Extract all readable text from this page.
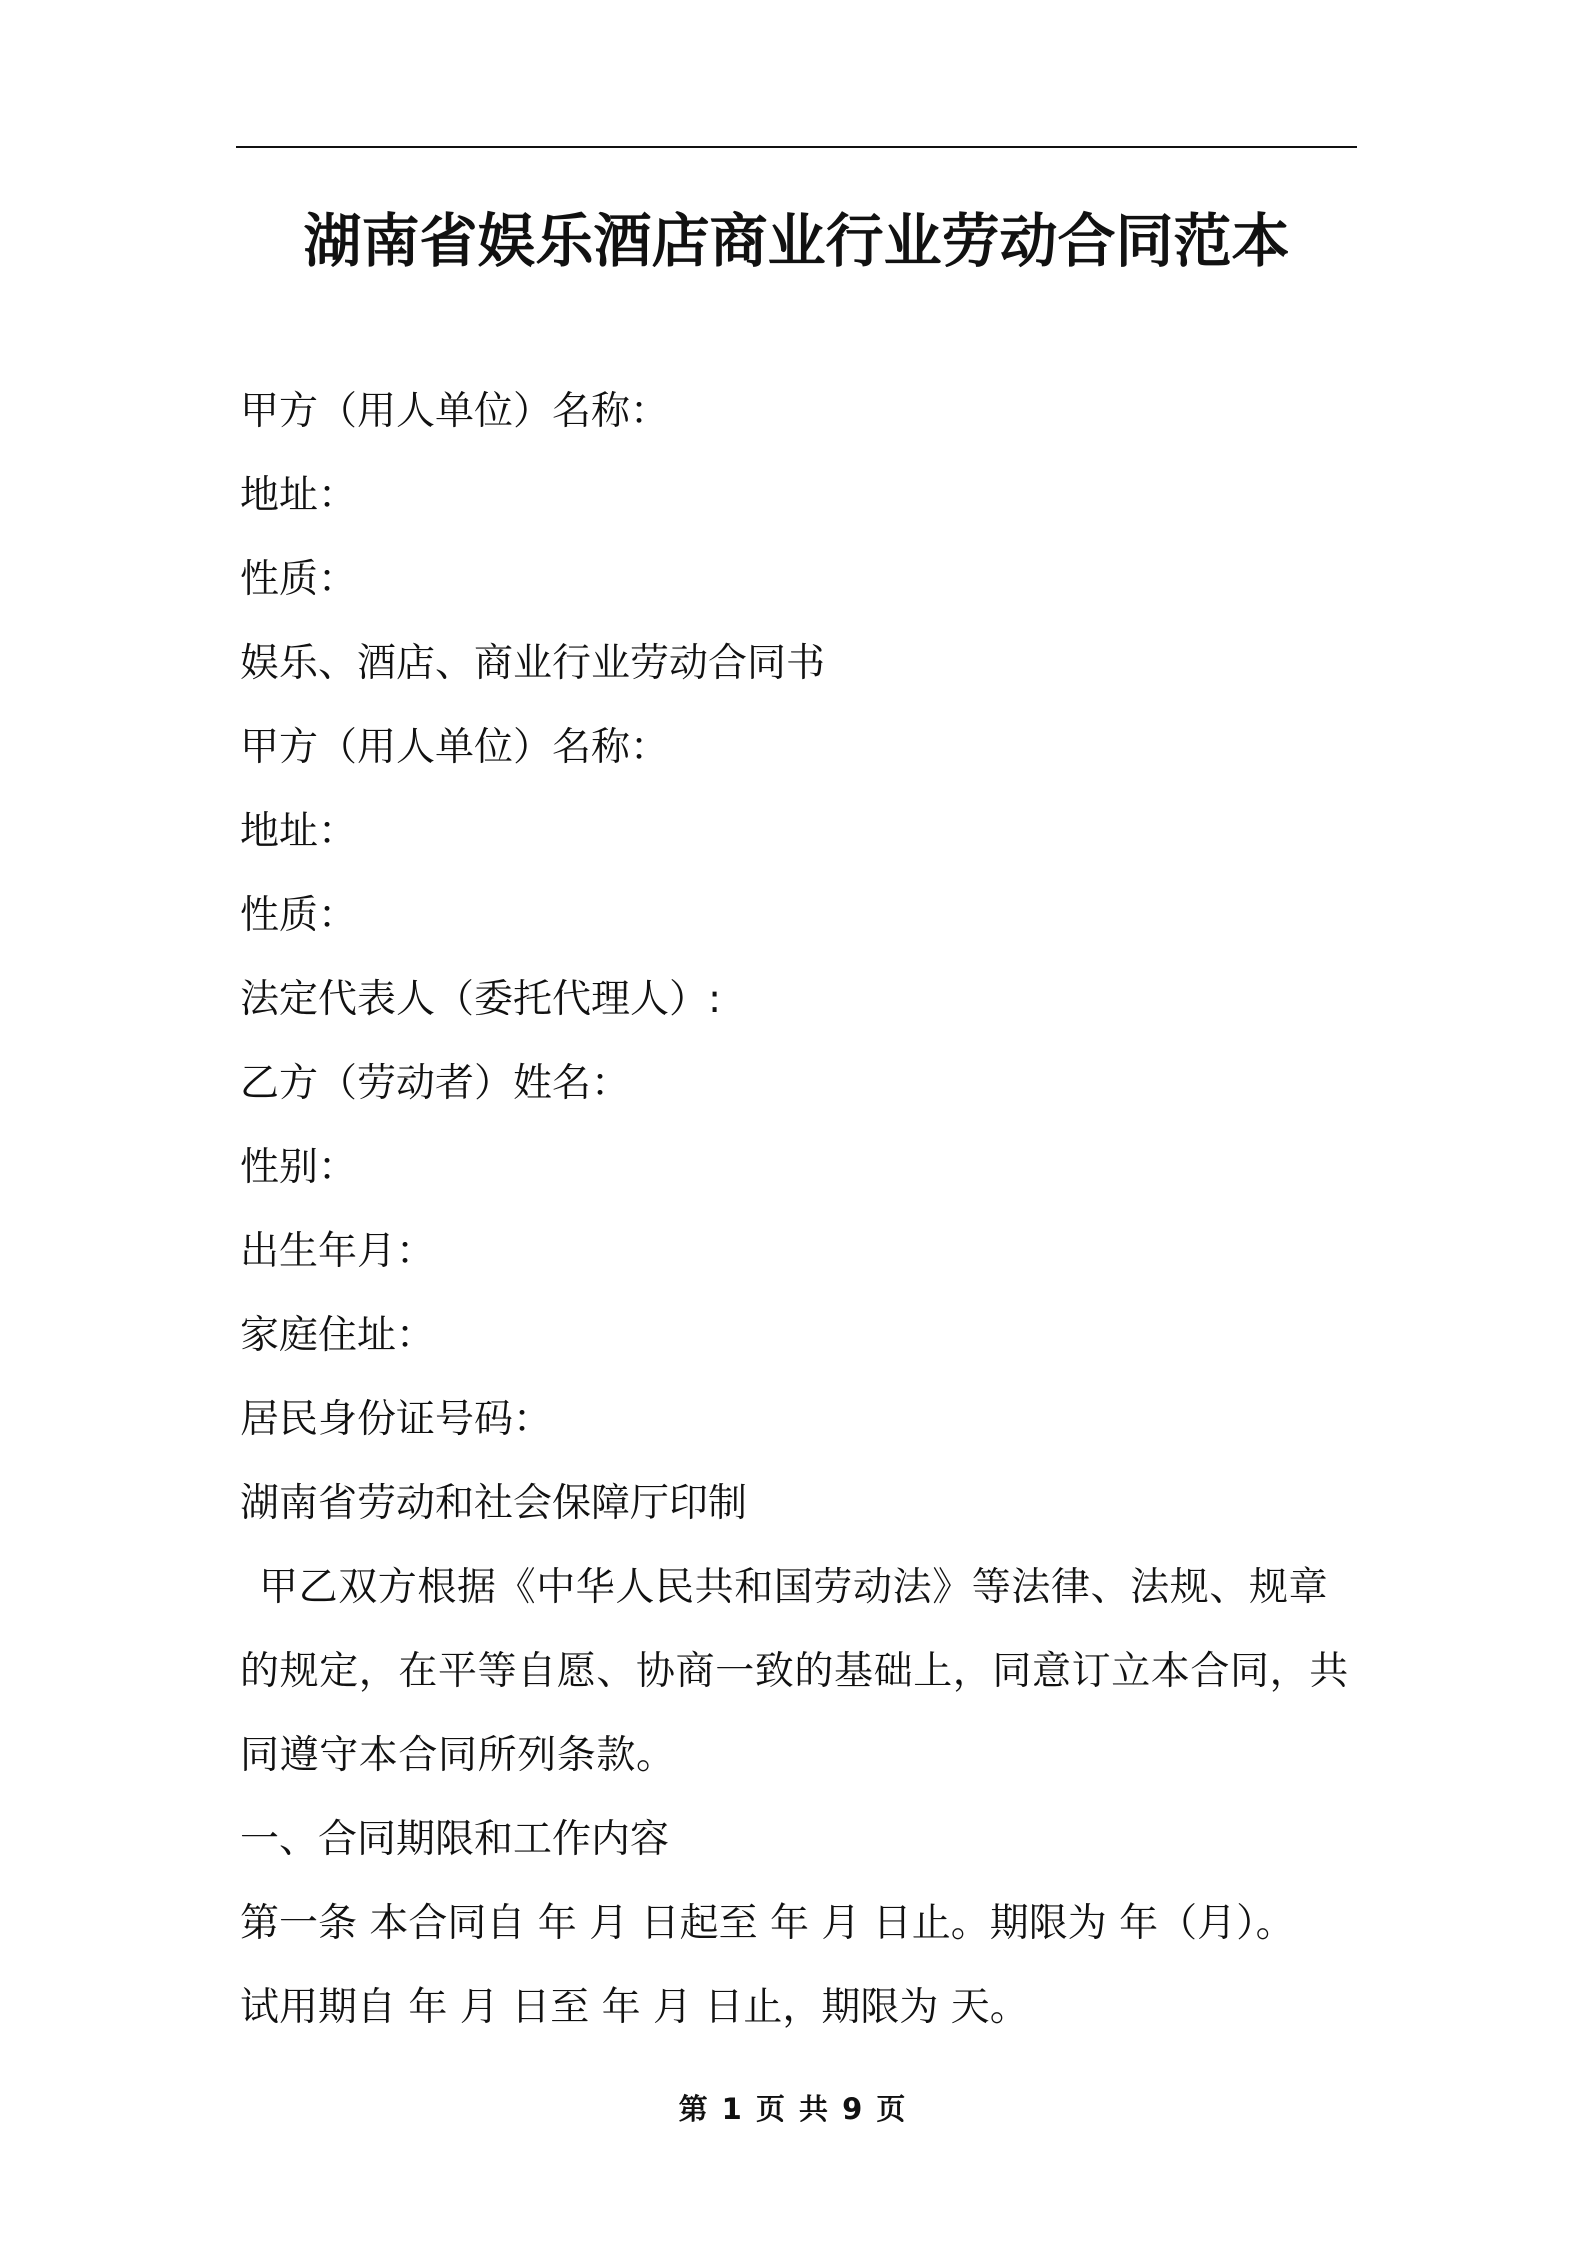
湖南省娱乐酒店商业行业劳动合同范本
甲方（用人单位）名称：
地址：
性质：
娱乐、酒店、商业行业劳动合同书
甲方（用人单位）名称：
地址：
性质：
法定代表人（委托代理人）:
乙方（劳动者）姓名：
性别：
出生年月：
家庭住址：
居民身份证号码：
湖南省劳动和社会保障厅印制
甲乙双方根据《中华人民共和国劳动法》等法律、法规、规章的规定，在平等自愿、协商一致的基础上，同意订立本合同，共同遵守本合同所列条款。
一、合同期限和工作内容
第一条 本合同自 年 月 日起至 年 月 日止。期限为 年（月）。
试用期自 年 月 日至 年 月 日止，期限为 天。
第 1 页 共 9 页
